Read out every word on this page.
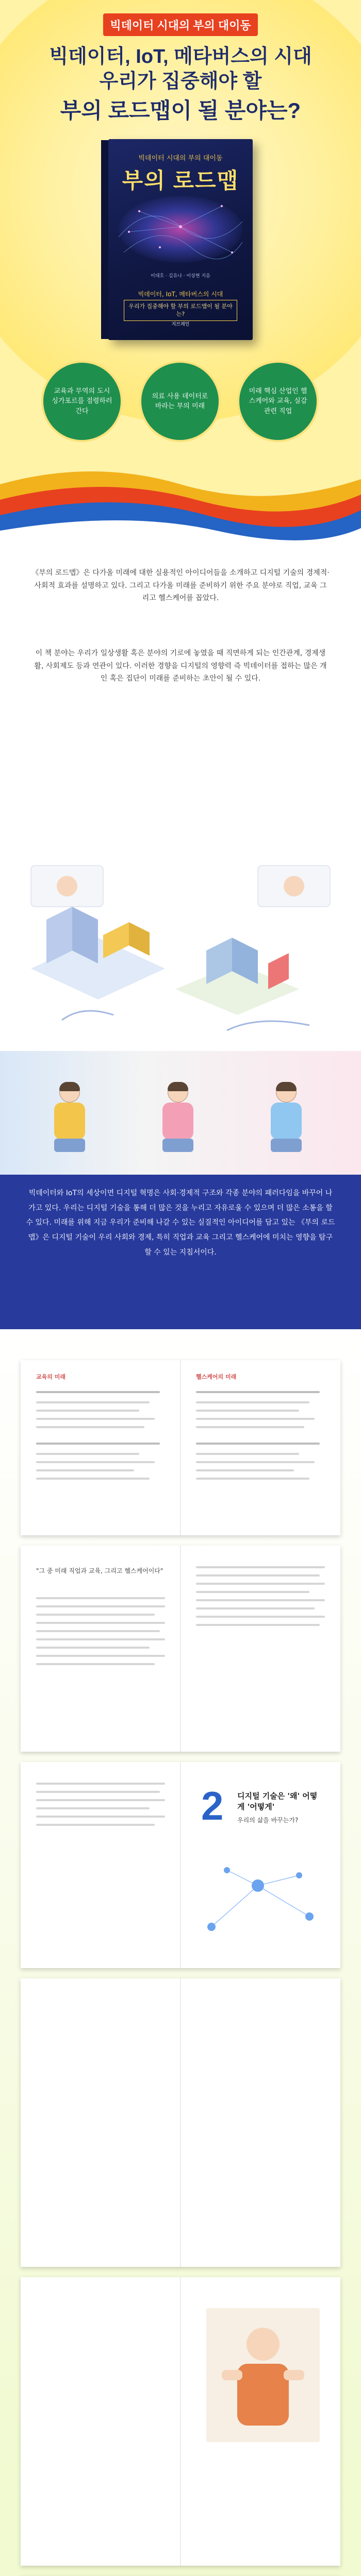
빅데이터 시대의 부의 대이동
빅데이터, IoT, 메타버스의 시대
우리가 집중해야 할
부의 로드맵이 될 분야는?
빅데이터 시대의 부의 대이동
부의 로드맵
이대호 · 김유나 · 이상현 지음
빅데이터, IoT, 메타버스의 시대
우리가 집중해야 할 부의 로드맵이 될 분야는?
지브레인
교육과 무역의 도시 싱가포르를 점령하러 간다
의료 사용 데이터로 바라는 부의 미래
미래 핵심 산업인 헬스케어와 교육, 실감 관련 직업

《부의 로드맵》은 다가올 미래에 대한 실용적인 아이디어들을 소개하고 디지털 기술의 경제적·사회적 효과를 설명하고 있다. 그리고 다가올 미래를 준비하기 위한 주요 분야로 직업, 교육 그리고 헬스케어를 꼽았다.

이 책 분야는 우리가 일상생활 혹은 분야의 기로에 놓였을 때 직면하게 되는 인간관계, 경제생활, 사회제도 등과 연관이 있다. 이러한 경향을 디지털의 영향력 즉 빅데이터를 접하는 많은 개인 혹은 집단이 미래를 준비하는 초안이 될 수 있다.

빅데이터와 IoT의 세상이면 디지털 혁명은 사회·경제적 구조와 각종 분야의 패러다임을 바꾸어 나가고 있다. 우리는 디지털 기술을 통해 더 많은 것을 누리고 자유로울 수 있으며 더 많은 소통을 할 수 있다. 미래를 위해 지금 우리가 준비해 나갈 수 있는 실질적인 아이디어를 담고 있는 《부의 로드맵》은 디지털 기술이 우리 사회와 경제, 특히 직업과 교육 그리고 헬스케어에 미치는 영향을 탐구할 수 있는 지침서이다.

교육의 미래	헬스케어의 미래
"그 중 미래 직업과 교육, 그리고 헬스케어이다"
2 디지털 기술은 '왜' 어떻게 '어떻게'
우리의 삶을 바꾸는가?
